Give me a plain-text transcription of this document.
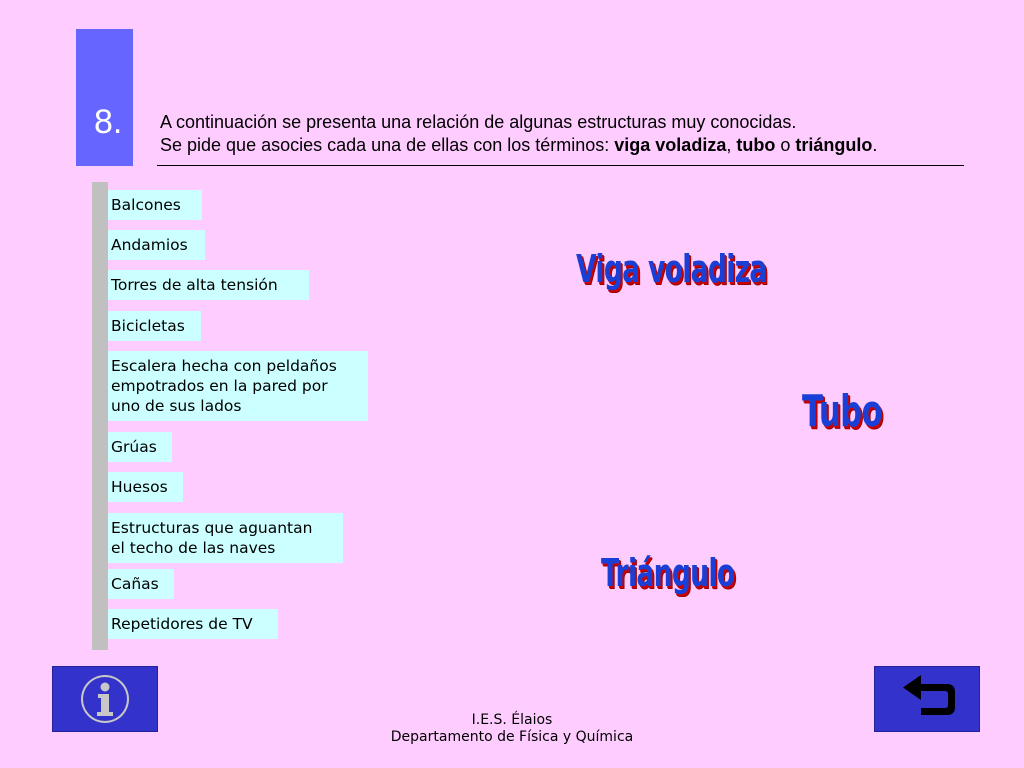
8. A continuación se presenta una relación de algunas estructuras muy conocidas.
Se pide que asocies cada una de ellas con los términos: viga voladiza, tubo o triángulo.
Balcones
Andamios
Torres de alta tensión
Bicicletas
Escalera hecha con peldaños
empotrados en la pared por
uno de sus lados
Grúas
Huesos
Estructuras que aguantan
el techo de las naves
Cañas
Repetidores de TV
Viga voladiza
Tubo
Triángulo
I.E.S. Élaios
Departamento de Física y Química
